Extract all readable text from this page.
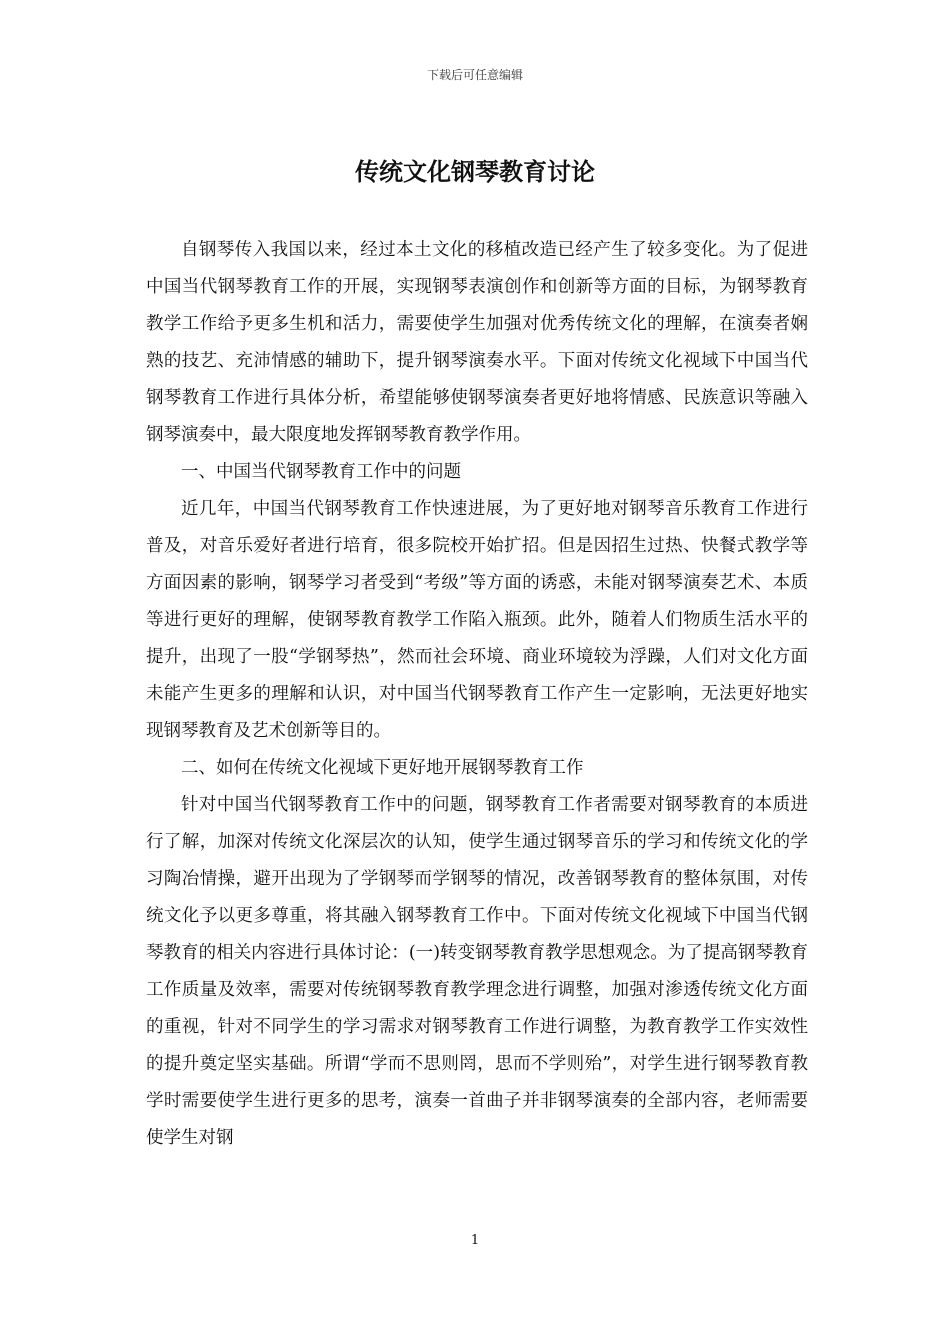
下载后可任意编辑
传统文化钢琴教育讨论

自钢琴传入我国以来，经过本土文化的移植改造已经产生了较多变化。为了促进中国当代钢琴教育工作的开展，实现钢琴表演创作和创新等方面的目标，为钢琴教育教学工作给予更多生机和活力，需要使学生加强对优秀传统文化的理解，在演奏者娴熟的技艺、充沛情感的辅助下，提升钢琴演奏水平。下面对传统文化视域下中国当代钢琴教育工作进行具体分析，希望能够使钢琴演奏者更好地将情感、民族意识等融入钢琴演奏中，最大限度地发挥钢琴教育教学作用。

一、中国当代钢琴教育工作中的问题

近几年，中国当代钢琴教育工作快速进展，为了更好地对钢琴音乐教育工作进行普及，对音乐爱好者进行培育，很多院校开始扩招。但是因招生过热、快餐式教学等方面因素的影响，钢琴学习者受到“考级”等方面的诱惑，未能对钢琴演奏艺术、本质等进行更好的理解，使钢琴教育教学工作陷入瓶颈。此外，随着人们物质生活水平的提升，出现了一股“学钢琴热”，然而社会环境、商业环境较为浮躁，人们对文化方面未能产生更多的理解和认识，对中国当代钢琴教育工作产生一定影响，无法更好地实现钢琴教育及艺术创新等目的。

二、如何在传统文化视域下更好地开展钢琴教育工作

针对中国当代钢琴教育工作中的问题，钢琴教育工作者需要对钢琴教育的本质进行了解，加深对传统文化深层次的认知，使学生通过钢琴音乐的学习和传统文化的学习陶冶情操，避开出现为了学钢琴而学钢琴的情况，改善钢琴教育的整体氛围，对传统文化予以更多尊重，将其融入钢琴教育工作中。下面对传统文化视域下中国当代钢琴教育的相关内容进行具体讨论：(一)转变钢琴教育教学思想观念。为了提高钢琴教育工作质量及效率，需要对传统钢琴教育教学理念进行调整，加强对渗透传统文化方面的重视，针对不同学生的学习需求对钢琴教育工作进行调整，为教育教学工作实效性的提升奠定坚实基础。所谓“学而不思则罔，思而不学则殆”，对学生进行钢琴教育教学时需要使学生进行更多的思考，演奏一首曲子并非钢琴演奏的全部内容，老师需要使学生对钢

1
